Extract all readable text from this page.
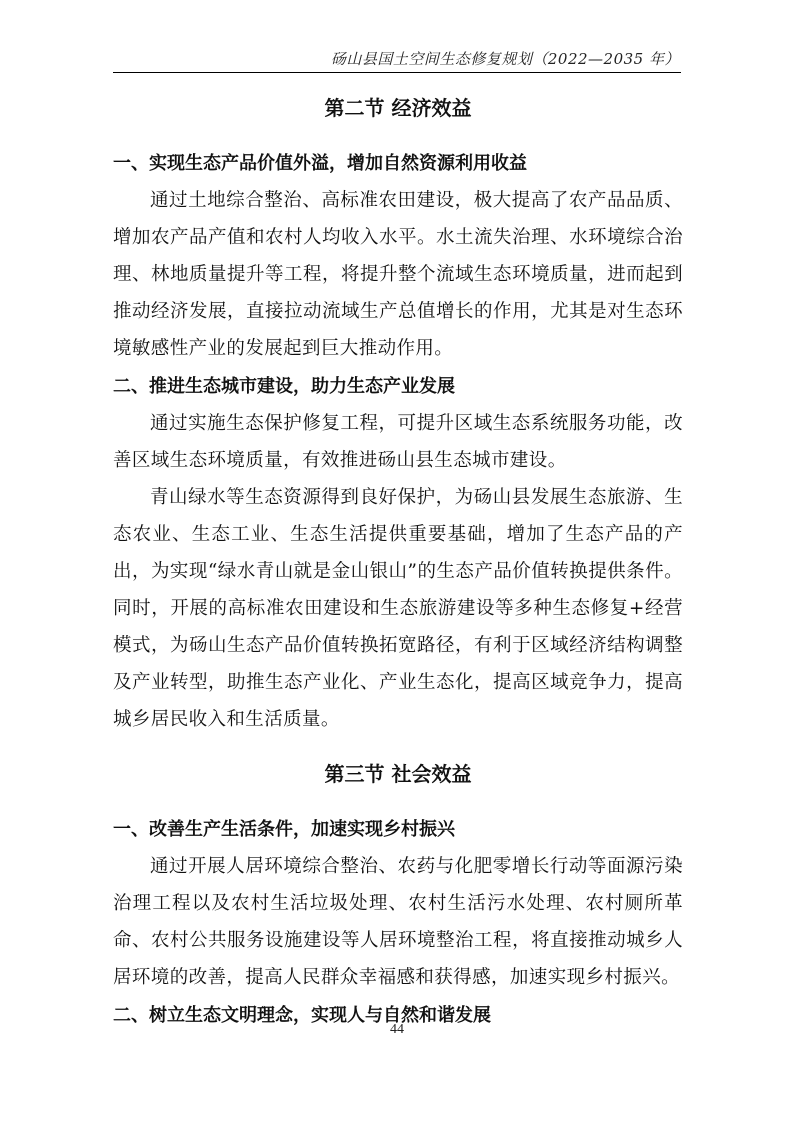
砀山县国土空间生态修复规划（2022—2035 年）
第二节 经济效益
一、实现生态产品价值外溢，增加自然资源利用收益

通过土地综合整治、高标准农田建设，极大提高了农产品品质、增加农产品产值和农村人均收入水平。水土流失治理、水环境综合治理、林地质量提升等工程，将提升整个流域生态环境质量，进而起到推动经济发展，直接拉动流域生产总值增长的作用，尤其是对生态环境敏感性产业的发展起到巨大推动作用。

二、推进生态城市建设，助力生态产业发展

通过实施生态保护修复工程，可提升区域生态系统服务功能，改善区域生态环境质量，有效推进砀山县生态城市建设。

青山绿水等生态资源得到良好保护，为砀山县发展生态旅游、生态农业、生态工业、生态生活提供重要基础，增加了生态产品的产出，为实现“绿水青山就是金山银山”的生态产品价值转换提供条件。同时，开展的高标准农田建设和生态旅游建设等多种生态修复+经营模式，为砀山生态产品价值转换拓宽路径，有利于区域经济结构调整及产业转型，助推生态产业化、产业生态化，提高区域竞争力，提高城乡居民收入和生活质量。

第三节 社会效益
一、改善生产生活条件，加速实现乡村振兴

通过开展人居环境综合整治、农药与化肥零增长行动等面源污染治理工程以及农村生活垃圾处理、农村生活污水处理、农村厕所革命、农村公共服务设施建设等人居环境整治工程，将直接推动城乡人居环境的改善，提高人民群众幸福感和获得感，加速实现乡村振兴。

二、树立生态文明理念，实现人与自然和谐发展
44
